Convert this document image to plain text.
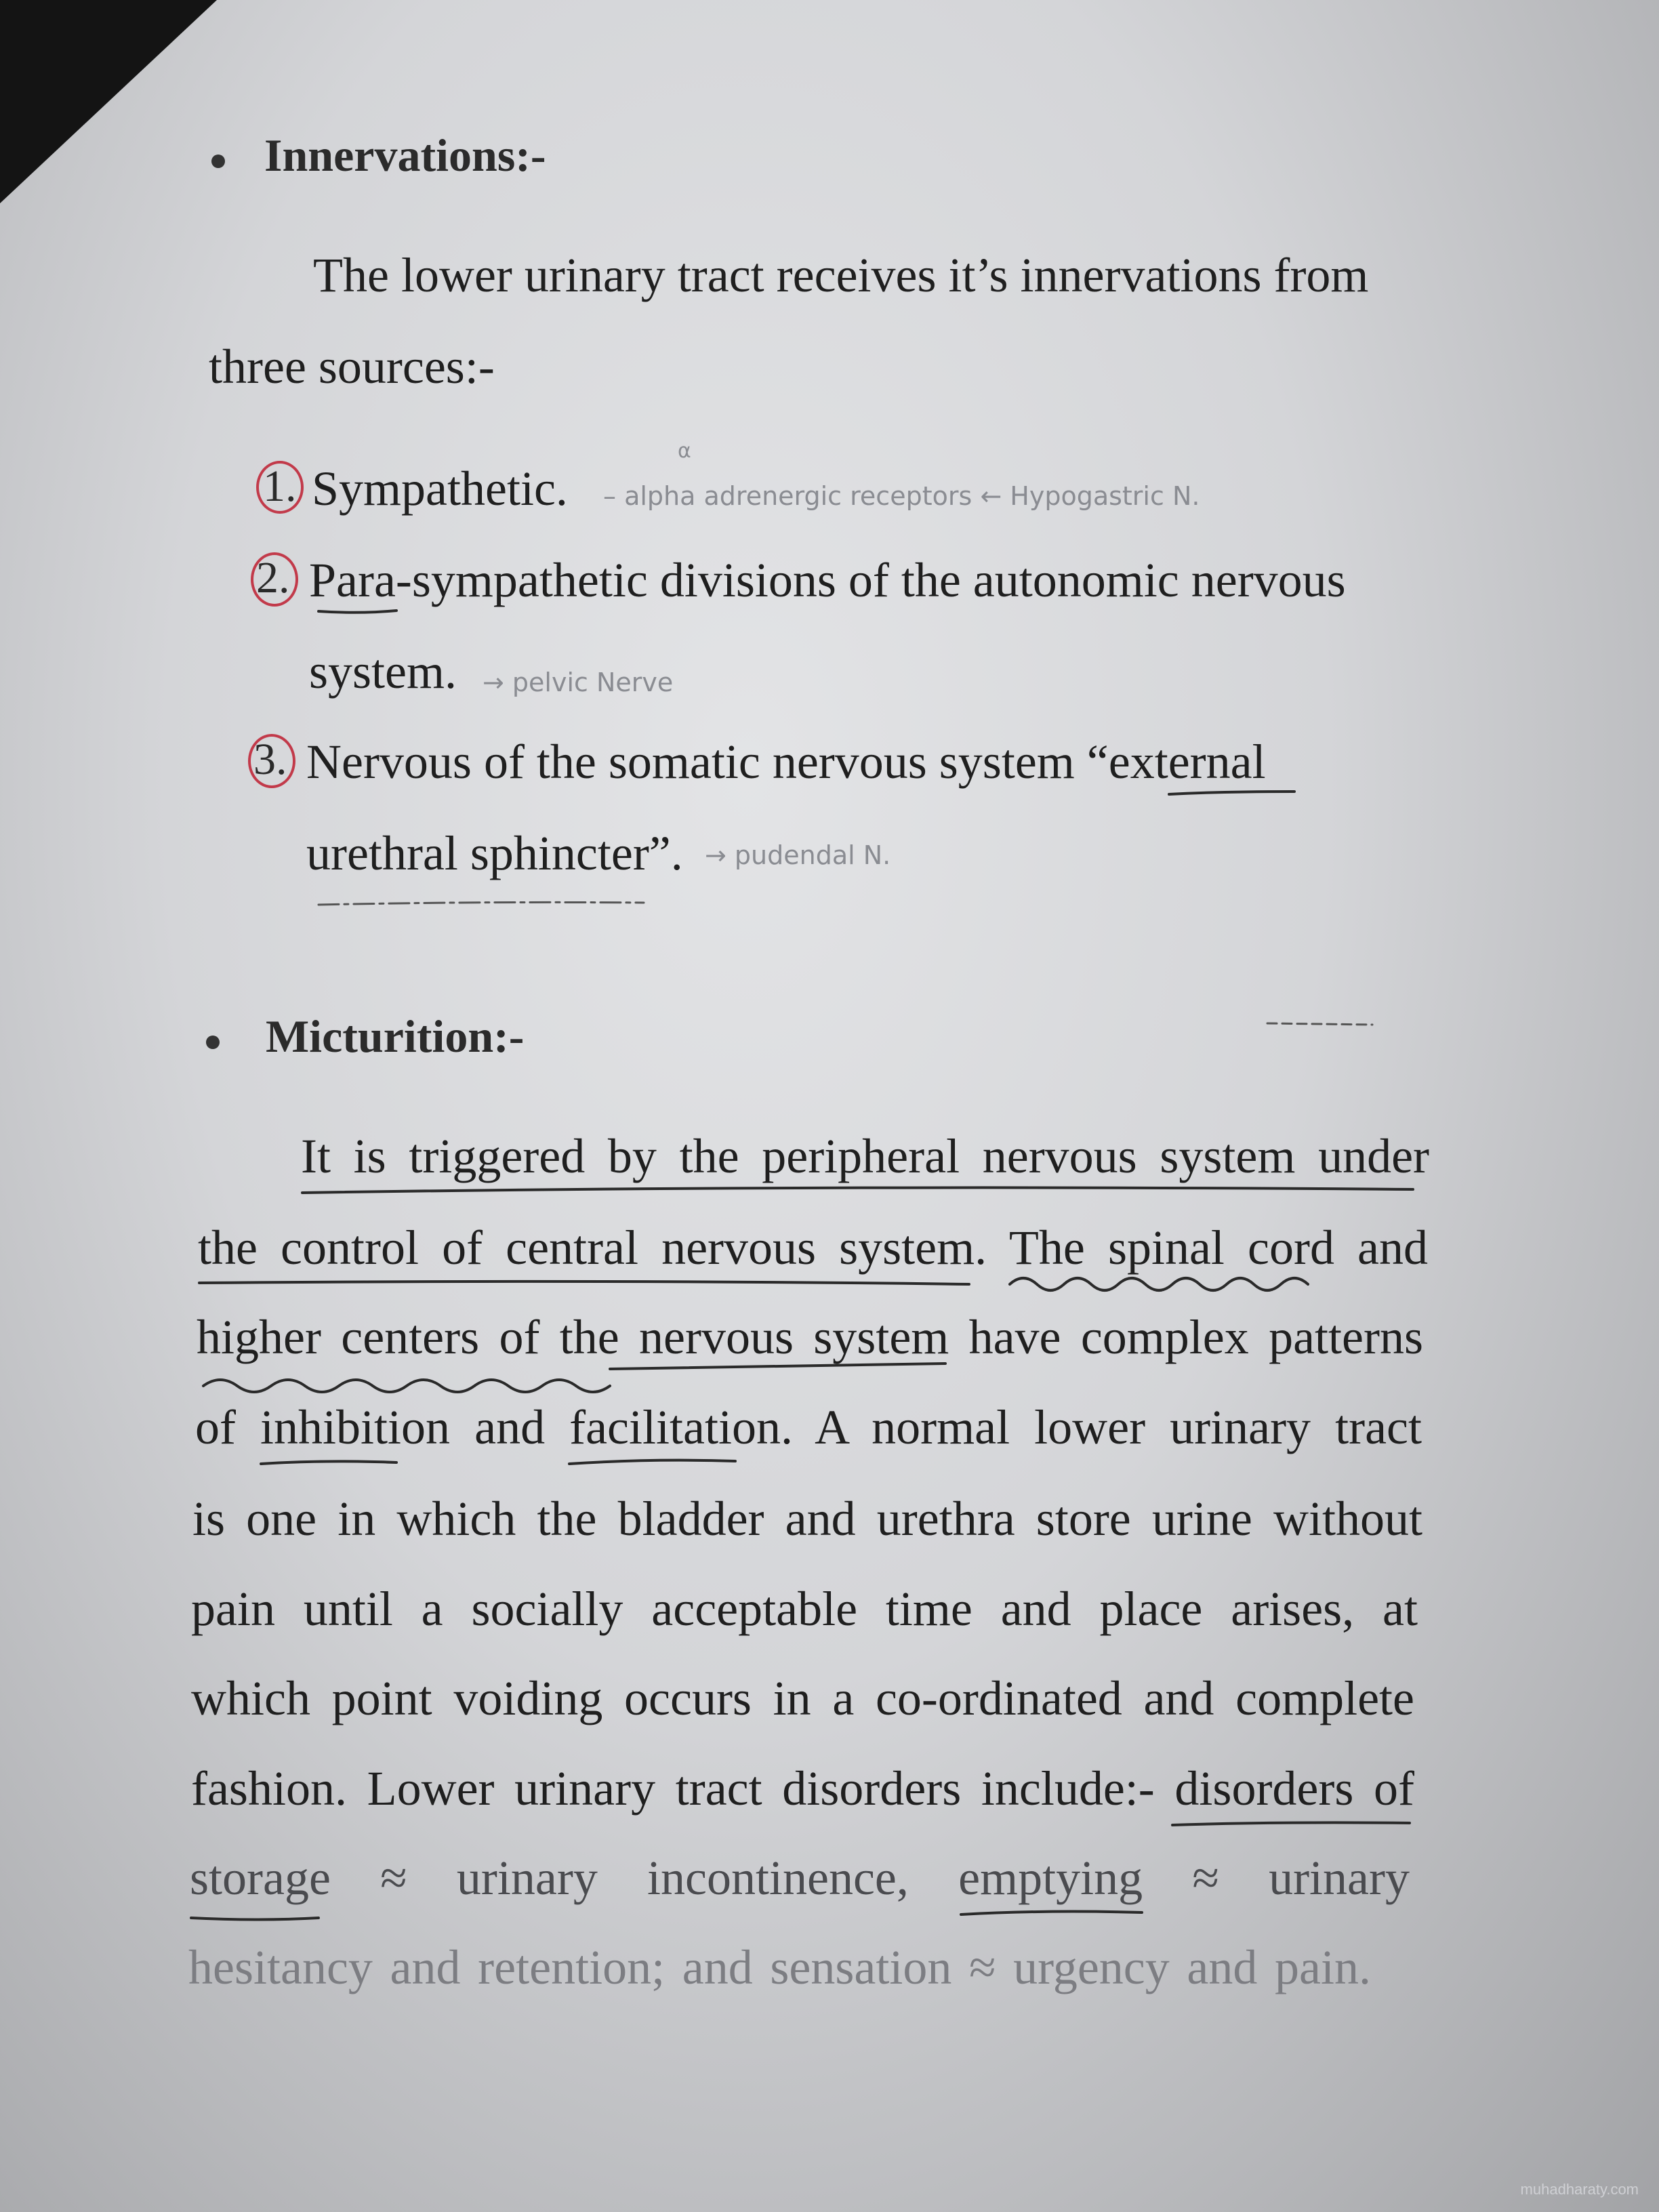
Innervations:-
The lower urinary tract receives it’s innervations from
three sources:-
1. Sympathetic.
α
– alpha adrenergic receptors ← Hypogastric N.
2. Para-sympathetic divisions of the autonomic nervous
system. → pelvic Nerve
3. Nervous of the somatic nervous system “external
urethral sphincter”. → pudendal N.
Micturition:-
It is triggered by the peripheral nervous system under
the control of central nervous system. The spinal cord and
higher centers of the nervous system have complex patterns
of inhibition and facilitation. A normal lower urinary tract
is one in which the bladder and urethra store urine without
pain until a socially acceptable time and place arises, at
which point voiding occurs in a co-ordinated and complete
fashion. Lower urinary tract disorders include:- disorders of
storage ≈ urinary incontinence, emptying ≈ urinary
hesitancy and retention; and sensation ≈ urgency and pain.
muhadharaty.com
